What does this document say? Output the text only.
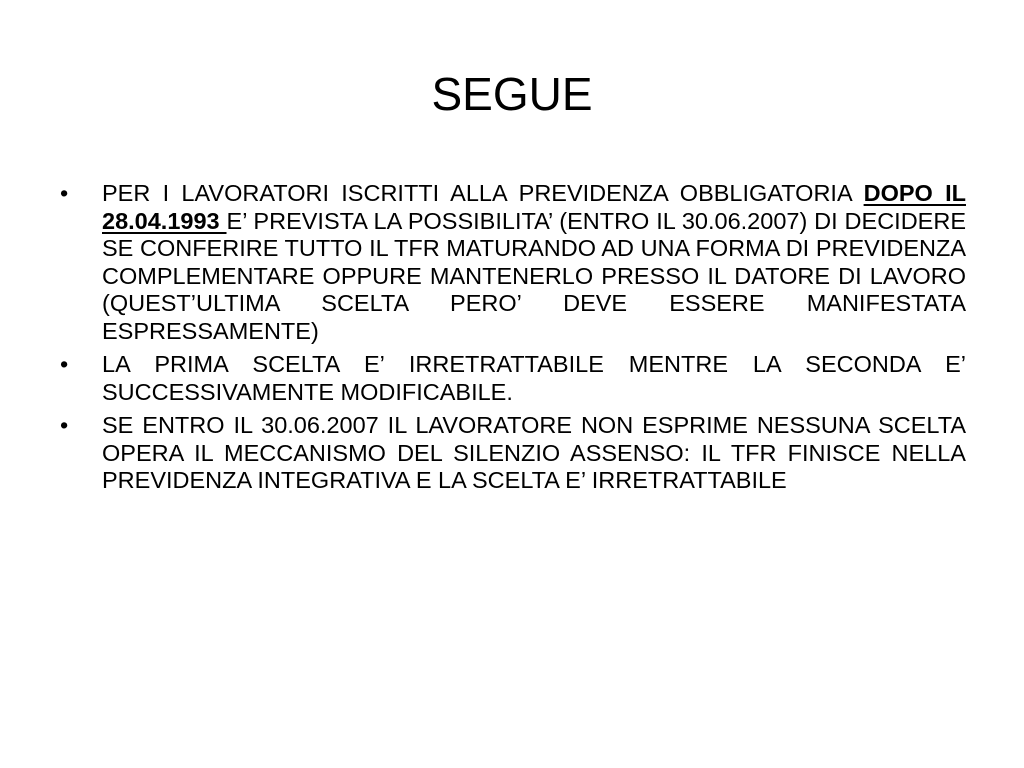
SEGUE
•	PER I LAVORATORI ISCRITTI ALLA PREVIDENZA OBBLIGATORIA DOPO IL 28.04.1993 E’ PREVISTA LA POSSIBILITA’ (ENTRO IL 30.06.2007) DI DECIDERE SE CONFERIRE TUTTO IL TFR MATURANDO AD UNA FORMA DI PREVIDENZA COMPLEMENTARE OPPURE MANTENERLO PRESSO IL DATORE DI LAVORO (QUEST’ULTIMA SCELTA PERO’ DEVE ESSERE MANIFESTATA ESPRESSAMENTE)
•	LA PRIMA SCELTA E’ IRRETRATTABILE MENTRE LA SECONDA E’ SUCCESSIVAMENTE MODIFICABILE.
•	SE ENTRO IL 30.06.2007 IL LAVORATORE NON ESPRIME NESSUNA SCELTA OPERA IL MECCANISMO DEL SILENZIO ASSENSO: IL TFR FINISCE NELLA PREVIDENZA INTEGRATIVA E LA SCELTA E’ IRRETRATTABILE
